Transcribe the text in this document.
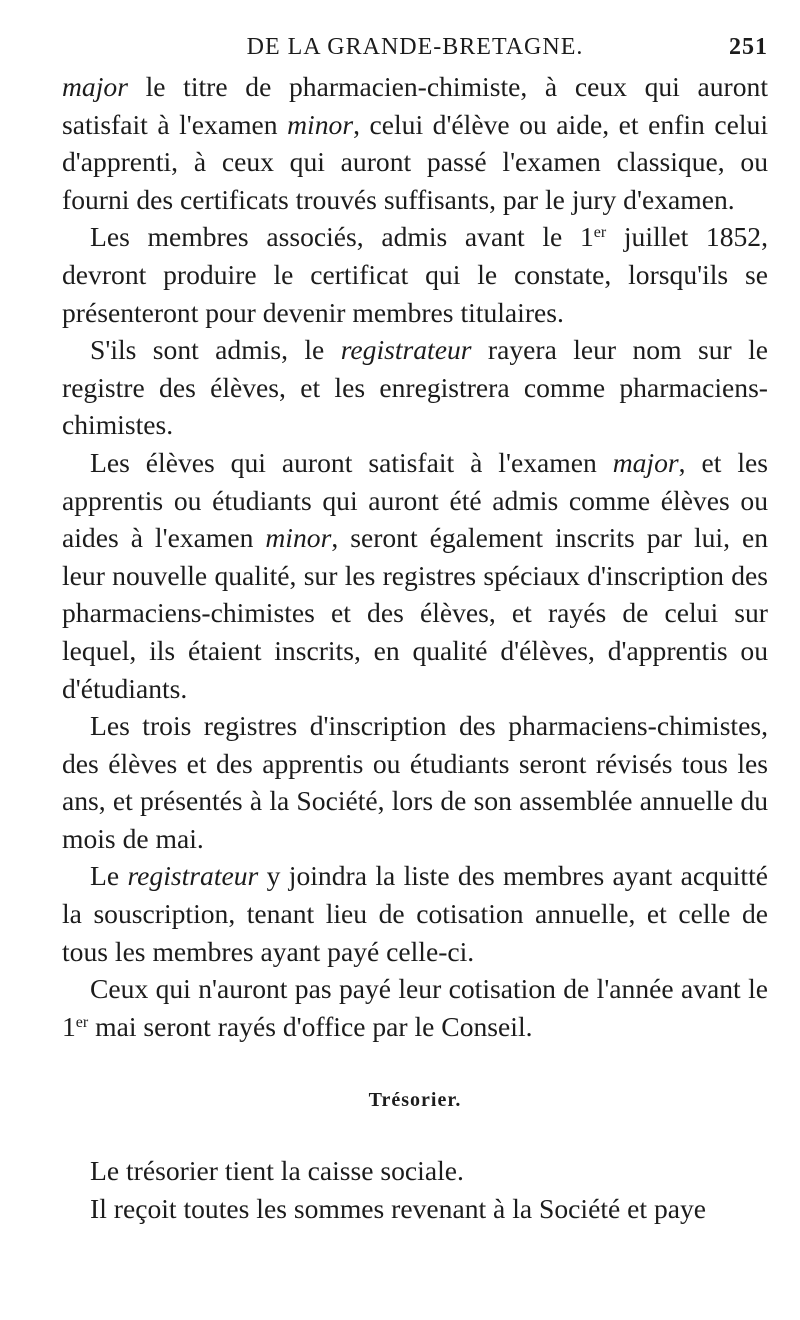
DE LA GRANDE-BRETAGNE.	251

major le titre de pharmacien-chimiste, à ceux qui auront satisfait à l'examen minor, celui d'élève ou aide, et enfin celui d'apprenti, à ceux qui auront passé l'examen classique, ou fourni des certificats trouvés suffisants, par le jury d'examen.

Les membres associés, admis avant le 1er juillet 1852, devront produire le certificat qui le constate, lorsqu'ils se présenteront pour devenir membres titulaires.

S'ils sont admis, le registrateur rayera leur nom sur le registre des élèves, et les enregistrera comme pharmaciens-chimistes.

Les élèves qui auront satisfait à l'examen major, et les apprentis ou étudiants qui auront été admis comme élèves ou aides à l'examen minor, seront également inscrits par lui, en leur nouvelle qualité, sur les registres spéciaux d'inscription des pharmaciens-chimistes et des élèves, et rayés de celui sur lequel, ils étaient inscrits, en qualité d'élèves, d'apprentis ou d'étudiants.

Les trois registres d'inscription des pharmaciens-chimistes, des élèves et des apprentis ou étudiants seront révisés tous les ans, et présentés à la Société, lors de son assemblée annuelle du mois de mai.

Le registrateur y joindra la liste des membres ayant acquitté la souscription, tenant lieu de cotisation annuelle, et celle de tous les membres ayant payé celle-ci.

Ceux qui n'auront pas payé leur cotisation de l'année avant le 1er mai seront rayés d'office par le Conseil.

Trésorier.

Le trésorier tient la caisse sociale.

Il reçoit toutes les sommes revenant à la Société et paye
